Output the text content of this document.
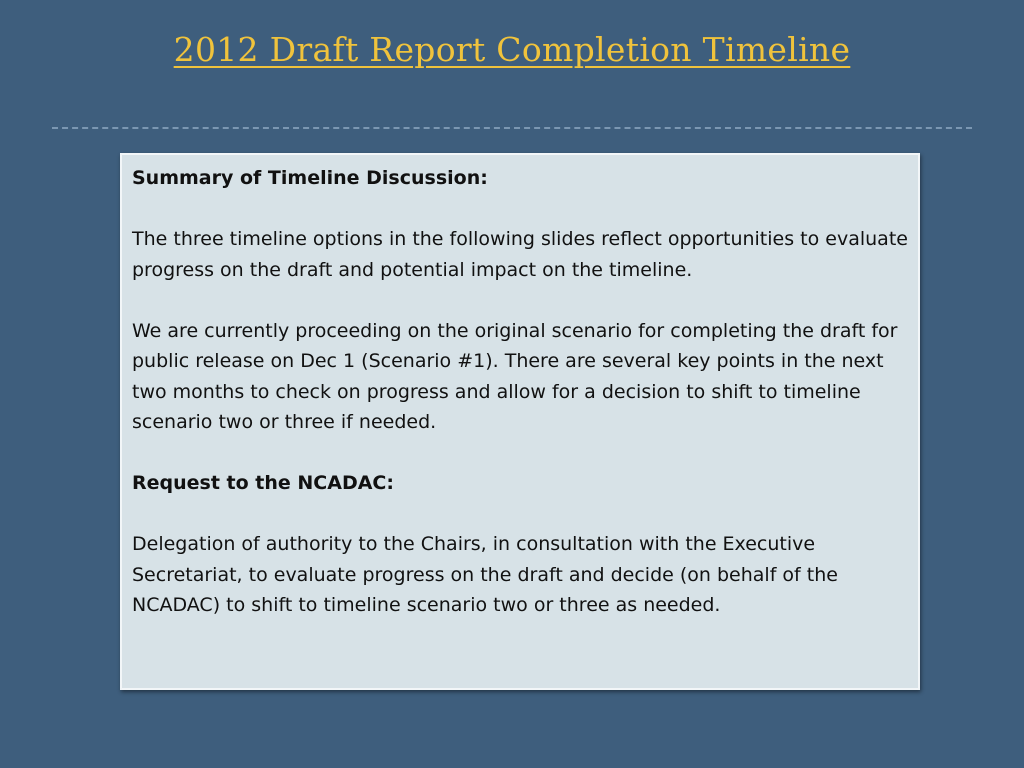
2012 Draft Report Completion Timeline

Summary of Timeline Discussion:

The three timeline options in the following slides reflect opportunities to evaluate progress on the draft and potential impact on the timeline.

We are currently proceeding on the original scenario for completing the draft for public release on Dec 1 (Scenario #1). There are several key points in the next two months to check on progress and allow for a decision to shift to timeline scenario two or three if needed.

Request to the NCADAC:

Delegation of authority to the Chairs, in consultation with the Executive Secretariat, to evaluate progress on the draft and decide (on behalf of the NCADAC) to shift to timeline scenario two or three as needed.
